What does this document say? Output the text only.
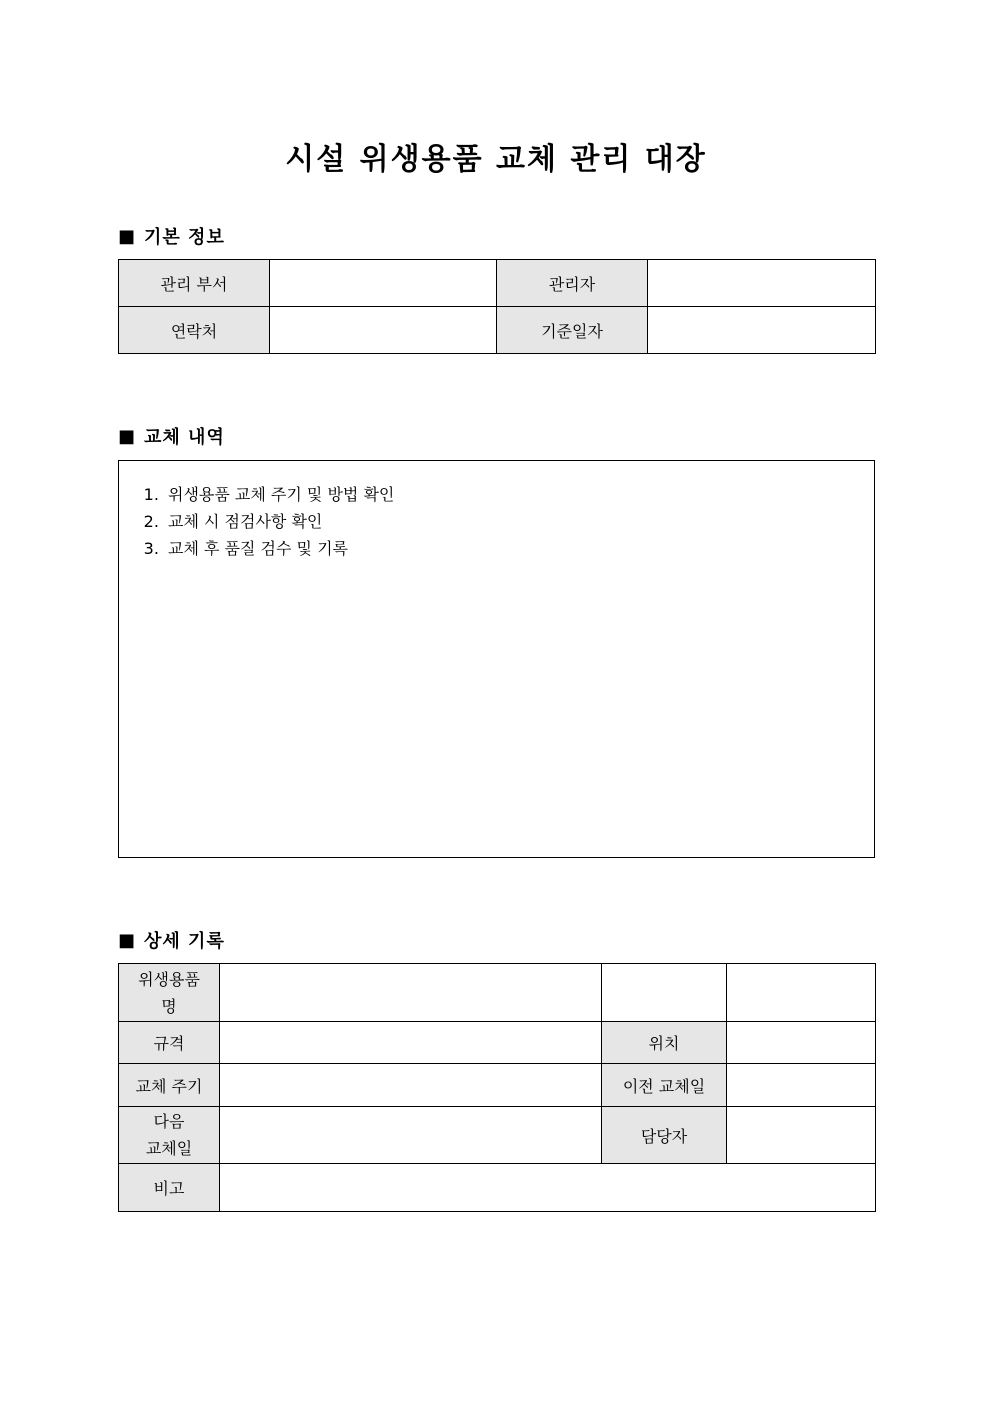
시설 위생용품 교체 관리 대장
■ 기본 정보
관리 부서		관리자	
연락처		기준일자	
■ 교체 내역
1. 위생용품 교체 주기 및 방법 확인
2. 교체 시 점검사항 확인
3. 교체 후 품질 검수 및 기록
■ 상세 기록
위생용품
명			

규격		위치	
교체 주기		이전 교체일	

다음
교체일		담당자	
비고			
